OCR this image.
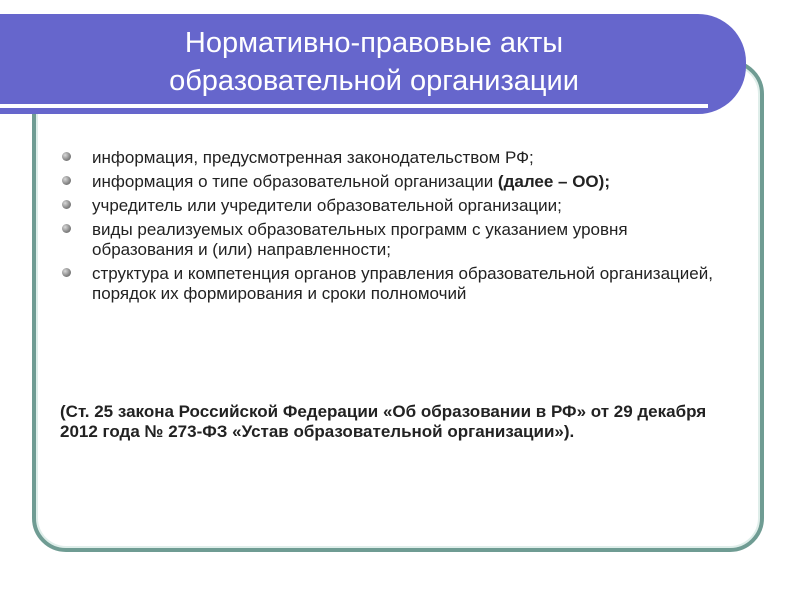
Нормативно-правовые акты
образовательной организации
информация, предусмотренная законодательством РФ;
информация о типе образовательной организации (далее – ОО);
учредитель или учредители образовательной организации;
виды реализуемых образовательных программ с указанием уровня образования и (или) направленности;
структура и компетенция органов управления образовательной организацией, порядок их формирования и сроки полномочий
(Ст. 25 закона Российской Федерации «Об образовании в РФ» от 29 декабря 2012 года № 273-ФЗ «Устав образовательной организации»).
